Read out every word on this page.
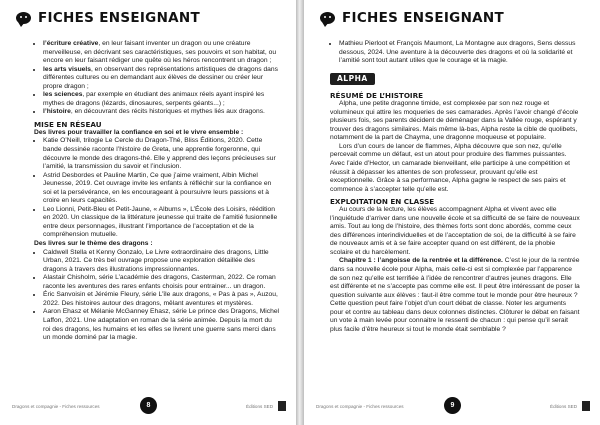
FICHES ENSEIGNANT
• l’écriture créative, en leur faisant inventer un dragon ou une créature merveilleuse, en décrivant ses caractéristiques, ses pouvoirs et son habitat, ou encore en leur faisant rédiger une quête où les héros rencontrent un dragon ;
• les arts visuels, en observant des représentations artistiques de dragons dans différentes cultures ou en demandant aux élèves de dessiner ou créer leur propre dragon ;
• les sciences, par exemple en étudiant des animaux réels ayant inspiré les mythes de dragons (lézards, dinosaures, serpents géants...) ;
• l’histoire, en découvrant des récits historiques et mythes liés aux dragons.
MISE EN RÉSEAU
Des livres pour travailler la confiance en soi et le vivre ensemble :
• Katie O’Neill, trilogie Le Cercle du Dragon-Thé, Bliss Éditions, 2020. Cette bande dessinée raconte l’histoire de Greta, une apprentie forgeronne, qui découvre le monde des dragons-thé. Elle y apprend des leçons précieuses sur l’amitié, la transmission du savoir et l’inclusion.
• Astrid Desbordes et Pauline Martin, Ce que j’aime vraiment, Albin Michel Jeunesse, 2019. Cet ouvrage invite les enfants à réfléchir sur la confiance en soi et la persévérance, en les encourageant à poursuivre leurs passions et à croire en leurs capacités.
• Leo Lionni, Petit-Bleu et Petit-Jaune, « Albums », L’École des Loisirs, réédition en 2020. Un classique de la littérature jeunesse qui traite de l’amitié fusionnelle entre deux personnages, illustrant l’importance de l’acceptation et de la compréhension mutuelle.
Des livres sur le thème des dragons :
• Caldwell Stella et Kenny Gonzalo, Le Livre extraordinaire des dragons, Little Urban, 2021. Ce très bel ouvrage propose une exploration détaillée des dragons à travers des illustrations impressionnantes.
• Alastair Chisholm, série L’académie des dragons, Casterman, 2022. Ce roman raconte les aventures des rares enfants choisis pour entrainer... un dragon.
• Éric Sanvoisin et Jérémie Fleury, série L’île aux dragons, « Pas à pas », Auzou, 2022. Des histoires autour des dragons, mêlant aventures et mystères.
• Aaron Ehasz et Mélanie McGanney Ehasz, série Le prince des Dragons, Michel Laffon, 2021. Une adaptation en roman de la série animée. Depuis la mort du roi des dragons, les humains et les elfes se livrent une guerre sans merci dans un monde dominé par la magie.
Dragons et compagnie - Fiches ressources	8	Éditions SED
FICHES ENSEIGNANT
• Mathieu Pierloot et François Maumont, La Montagne aux dragons, Sens dessus dessous, 2024. Une aventure à la découverte des dragons et où la solidarité et l’amitié sont tout autant utiles que le courage et la magie.
ALPHA
RÉSUMÉ DE L’HISTOIRE

Alpha, une petite dragonne timide, est complexée par son nez rouge et volumineux qui attire les moqueries de ses camarades. Après l’avoir changé d’école plusieurs fois, ses parents décident de déménager dans la Vallée rouge, espérant y trouver des dragons similaires. Mais même là-bas, Alpha reste la cible de quolibets, notamment de la part de Chayma, une dragonne moqueuse et populaire.

Lors d’un cours de lancer de flammes, Alpha découvre que son nez, qu’elle percevait comme un défaut, est un atout pour produire des flammes puissantes. Avec l’aide d’Hector, un camarade bienveillant, elle participe à une compétition et réussit à dépasser les attentes de son professeur, prouvant qu’elle est exceptionnelle. Grâce à sa performance, Alpha gagne le respect de ses pairs et commence à s’accepter telle qu’elle est.

EXPLOITATION EN CLASSE

Au cours de la lecture, les élèves accompagnent Alpha et vivent avec elle l’inquiétude d’arriver dans une nouvelle école et sa difficulté de se faire de nouveaux amis. Tout au long de l’histoire, des thèmes forts sont donc abordés, comme ceux des différences interindividuelles et de l’acceptation de soi, de la difficulté à se faire de nouveaux amis et à se faire accepter quand on est différent, de la phobie scolaire et du harcèlement.

Chapitre 1 : l’angoisse de la rentrée et la différence. C’est le jour de la rentrée dans sa nouvelle école pour Alpha, mais celle-ci est si complexée par l’apparence de son nez qu’elle est terrifiée à l’idée de rencontrer d’autres jeunes dragons. Elle est différente et ne s’accepte pas comme elle est. Il peut être intéressant de poser la question suivante aux élèves : faut-il être comme tout le monde pour être heureux ? Cette question peut faire l’objet d’un court débat de classe. Noter les arguments pour et contre au tableau dans deux colonnes distinctes. Clôturer le débat en faisant un vote à main levée pour connaitre le ressenti de chacun : qui pense qu’il serait plus facile d’être heureux si tout le monde était semblable ?

Dragons et compagnie - Fiches ressources	9	Éditions SED
